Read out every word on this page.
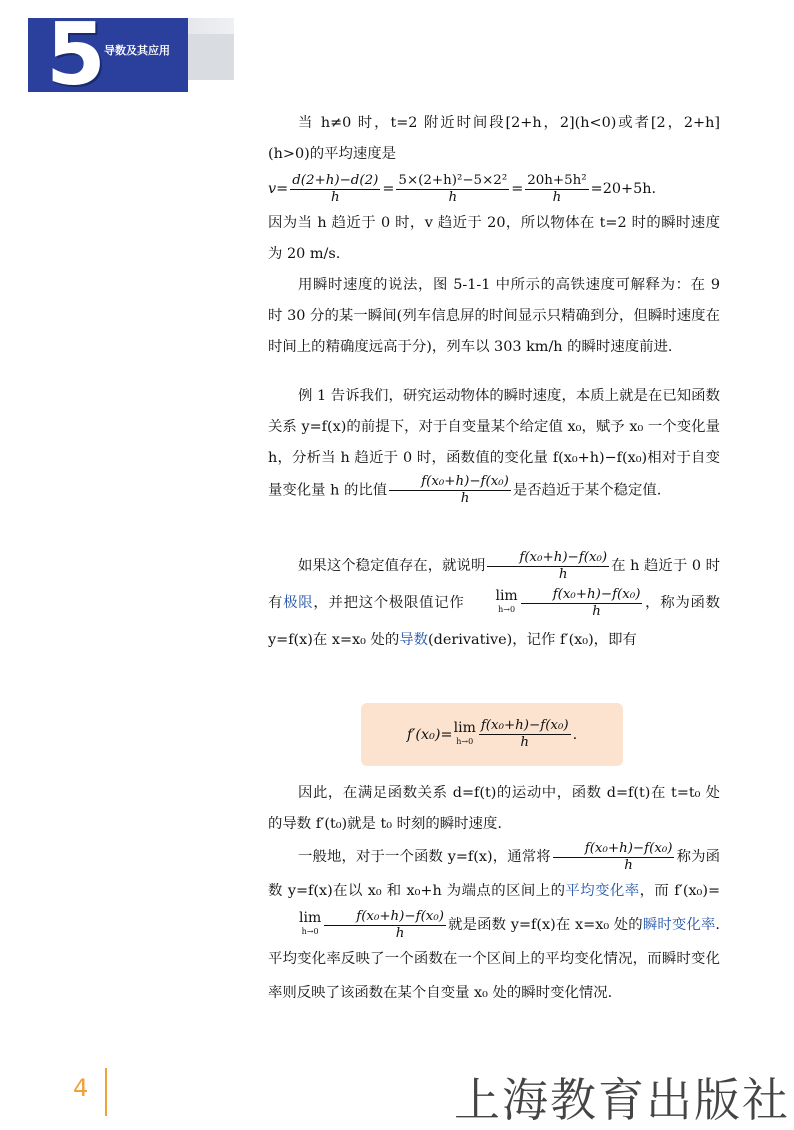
5 导数及其应用

当 h≠0 时，t=2 附近时间段[2+h，2](h<0)或者[2，2+h](h>0)的平均速度是

$v= \frac{d(2+h)-d(2)}{h} = \frac{\text{5×(2+h)²−5×2²}}{h} = \frac{\text{20h+5h²}}{h} =20+5h$.

因为当 h 趋近于 0 时，v 趋近于 20，所以物体在 t=2 时的瞬时速度为 20 m/s.

用瞬时速度的说法，图 5-1-1 中所示的高铁速度可解释为：在 9 时 30 分的某一瞬间(列车信息屏的时间显示只精确到分，但瞬时速度在时间上的精确度远高于分)，列车以 303 km/h 的瞬时速度前进.

例 1 告诉我们，研究运动物体的瞬时速度，本质上就是在已知函数关系 y=f(x)的前提下，对于自变量某个给定值 x₀，赋予 x₀ 一个变化量 h，分析当 h 趋近于 0 时，函数值的变化量 f(x₀+h)−f(x₀)相对于自变量变化量 h 的比值 $\frac{\text{f(x₀+h)−f(x₀)}}{h}$ 是否趋近于某个稳定值.

如果这个稳定值存在，就说明 $\frac{\text{f(x₀+h)−f(x₀)}}{h}$ 在 h 趋近于 0 时有极限，并把这个极限值记作	lim
$h\to 0 \frac{\text{f(x₀+h)−f(x₀)}}{h}$ ，称为函数 y=f(x)在 x=x₀ 处的导数(derivative)，记作 f′(x₀)，即有

f′(x₀)= lim
$h\to 0 \frac{\text{f(x₀+h)−f(x₀)}}{h}$ .

因此，在满足函数关系 d=f(t)的运动中，函数 d=f(t)在 t=t₀ 处的导数 f′(t₀)就是 t₀ 时刻的瞬时速度.

一般地，对于一个函数 y=f(x)，通常将 $\frac{\text{f(x₀+h)−f(x₀)}}{h}$ 称为函数 y=f(x)在以 x₀ 和 x₀+h 为端点的区间上的平均变化率，而 f′(x₀)=
lim
$h\to 0 \frac{\text{f(x₀+h)−f(x₀)}}{h}$ 就是函数 y=f(x)在 x=x₀ 处的瞬时变化率. 平均变化率反映了一个函数在一个区间上的平均变化情况，而瞬时变化率则反映了该函数在某个自变量 x₀ 处的瞬时变化情况.

4	上海教育出版社
